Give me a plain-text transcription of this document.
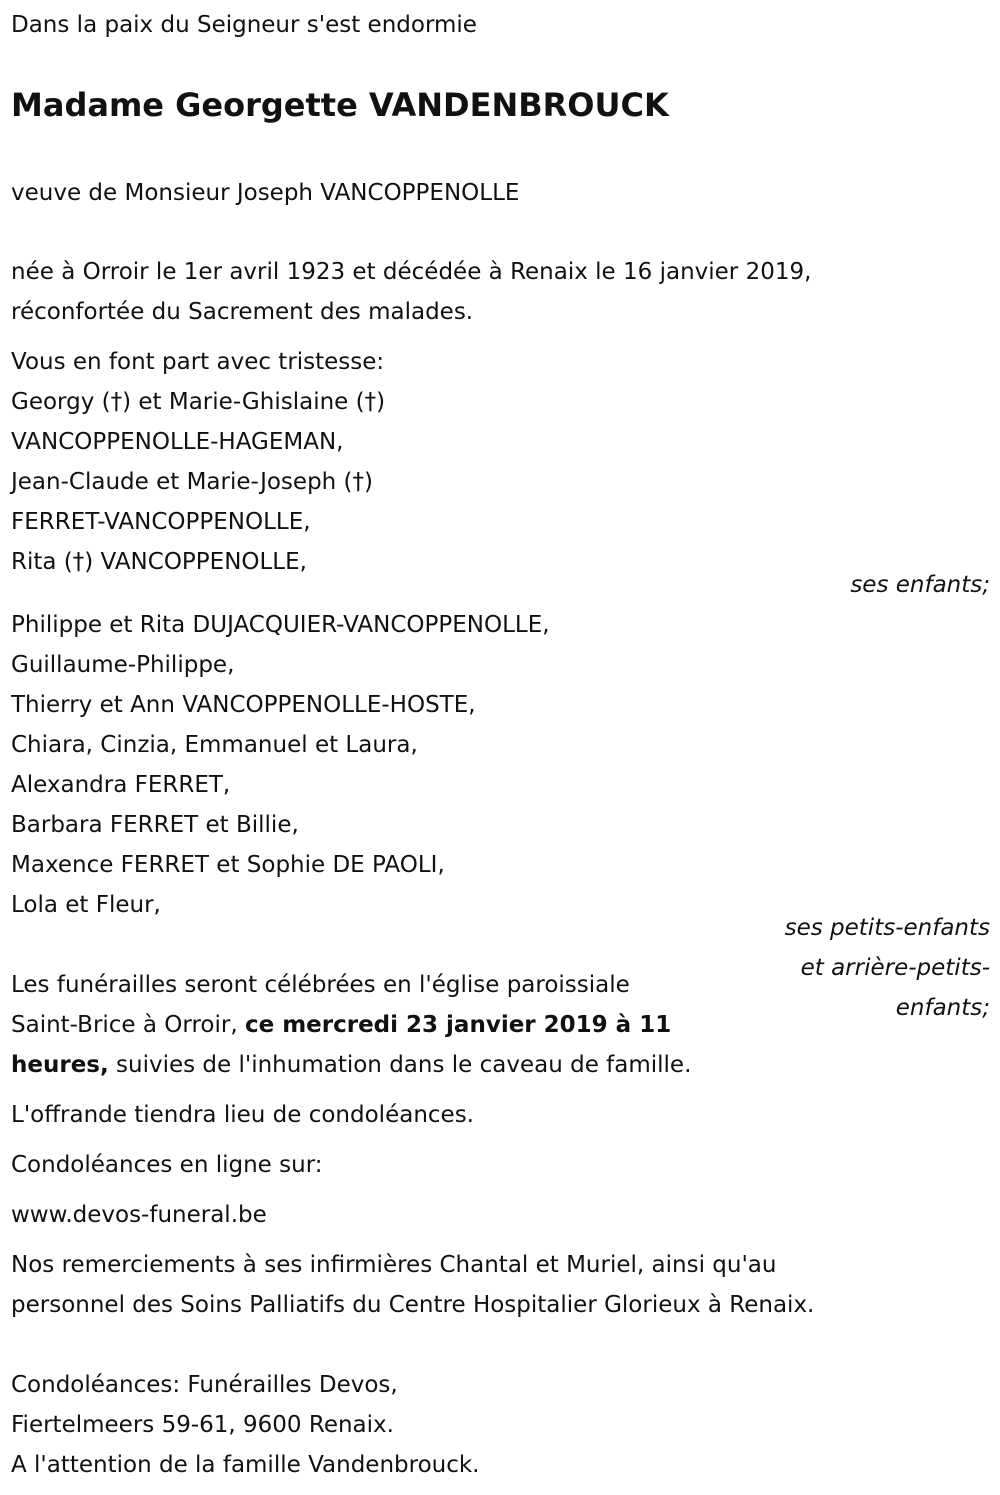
Dans la paix du Seigneur s'est endormie
Madame Georgette VANDENBROUCK
veuve de Monsieur Joseph VANCOPPENOLLE
née à Orroir le 1er avril 1923 et décédée à Renaix le 16 janvier 2019,
réconfortée du Sacrement des malades.
Vous en font part avec tristesse:
Georgy (†) et Marie-Ghislaine (†)
VANCOPPENOLLE-HAGEMAN,
Jean-Claude et Marie-Joseph (†)
FERRET-VANCOPPENOLLE,
Rita (†) VANCOPPENOLLE,
ses enfants;
Philippe et Rita DUJACQUIER-VANCOPPENOLLE,
Guillaume-Philippe,
Thierry et Ann VANCOPPENOLLE-HOSTE,
Chiara, Cinzia, Emmanuel et Laura,
Alexandra FERRET,
Barbara FERRET et Billie,
Maxence FERRET et Sophie DE PAOLI,
Lola et Fleur,
ses petits-enfants
et arrière-petits-
enfants;
Les funérailles seront célébrées en l'église paroissiale
Saint-Brice à Orroir, ce mercredi 23 janvier 2019 à 11
heures, suivies de l'inhumation dans le caveau de famille.
L'offrande tiendra lieu de condoléances.
Condoléances en ligne sur:
www.devos-funeral.be
Nos remerciements à ses infirmières Chantal et Muriel, ainsi qu'au
personnel des Soins Palliatifs du Centre Hospitalier Glorieux à Renaix.
Condoléances: Funérailles Devos,
Fiertelmeers 59-61, 9600 Renaix.
A l'attention de la famille Vandenbrouck.
